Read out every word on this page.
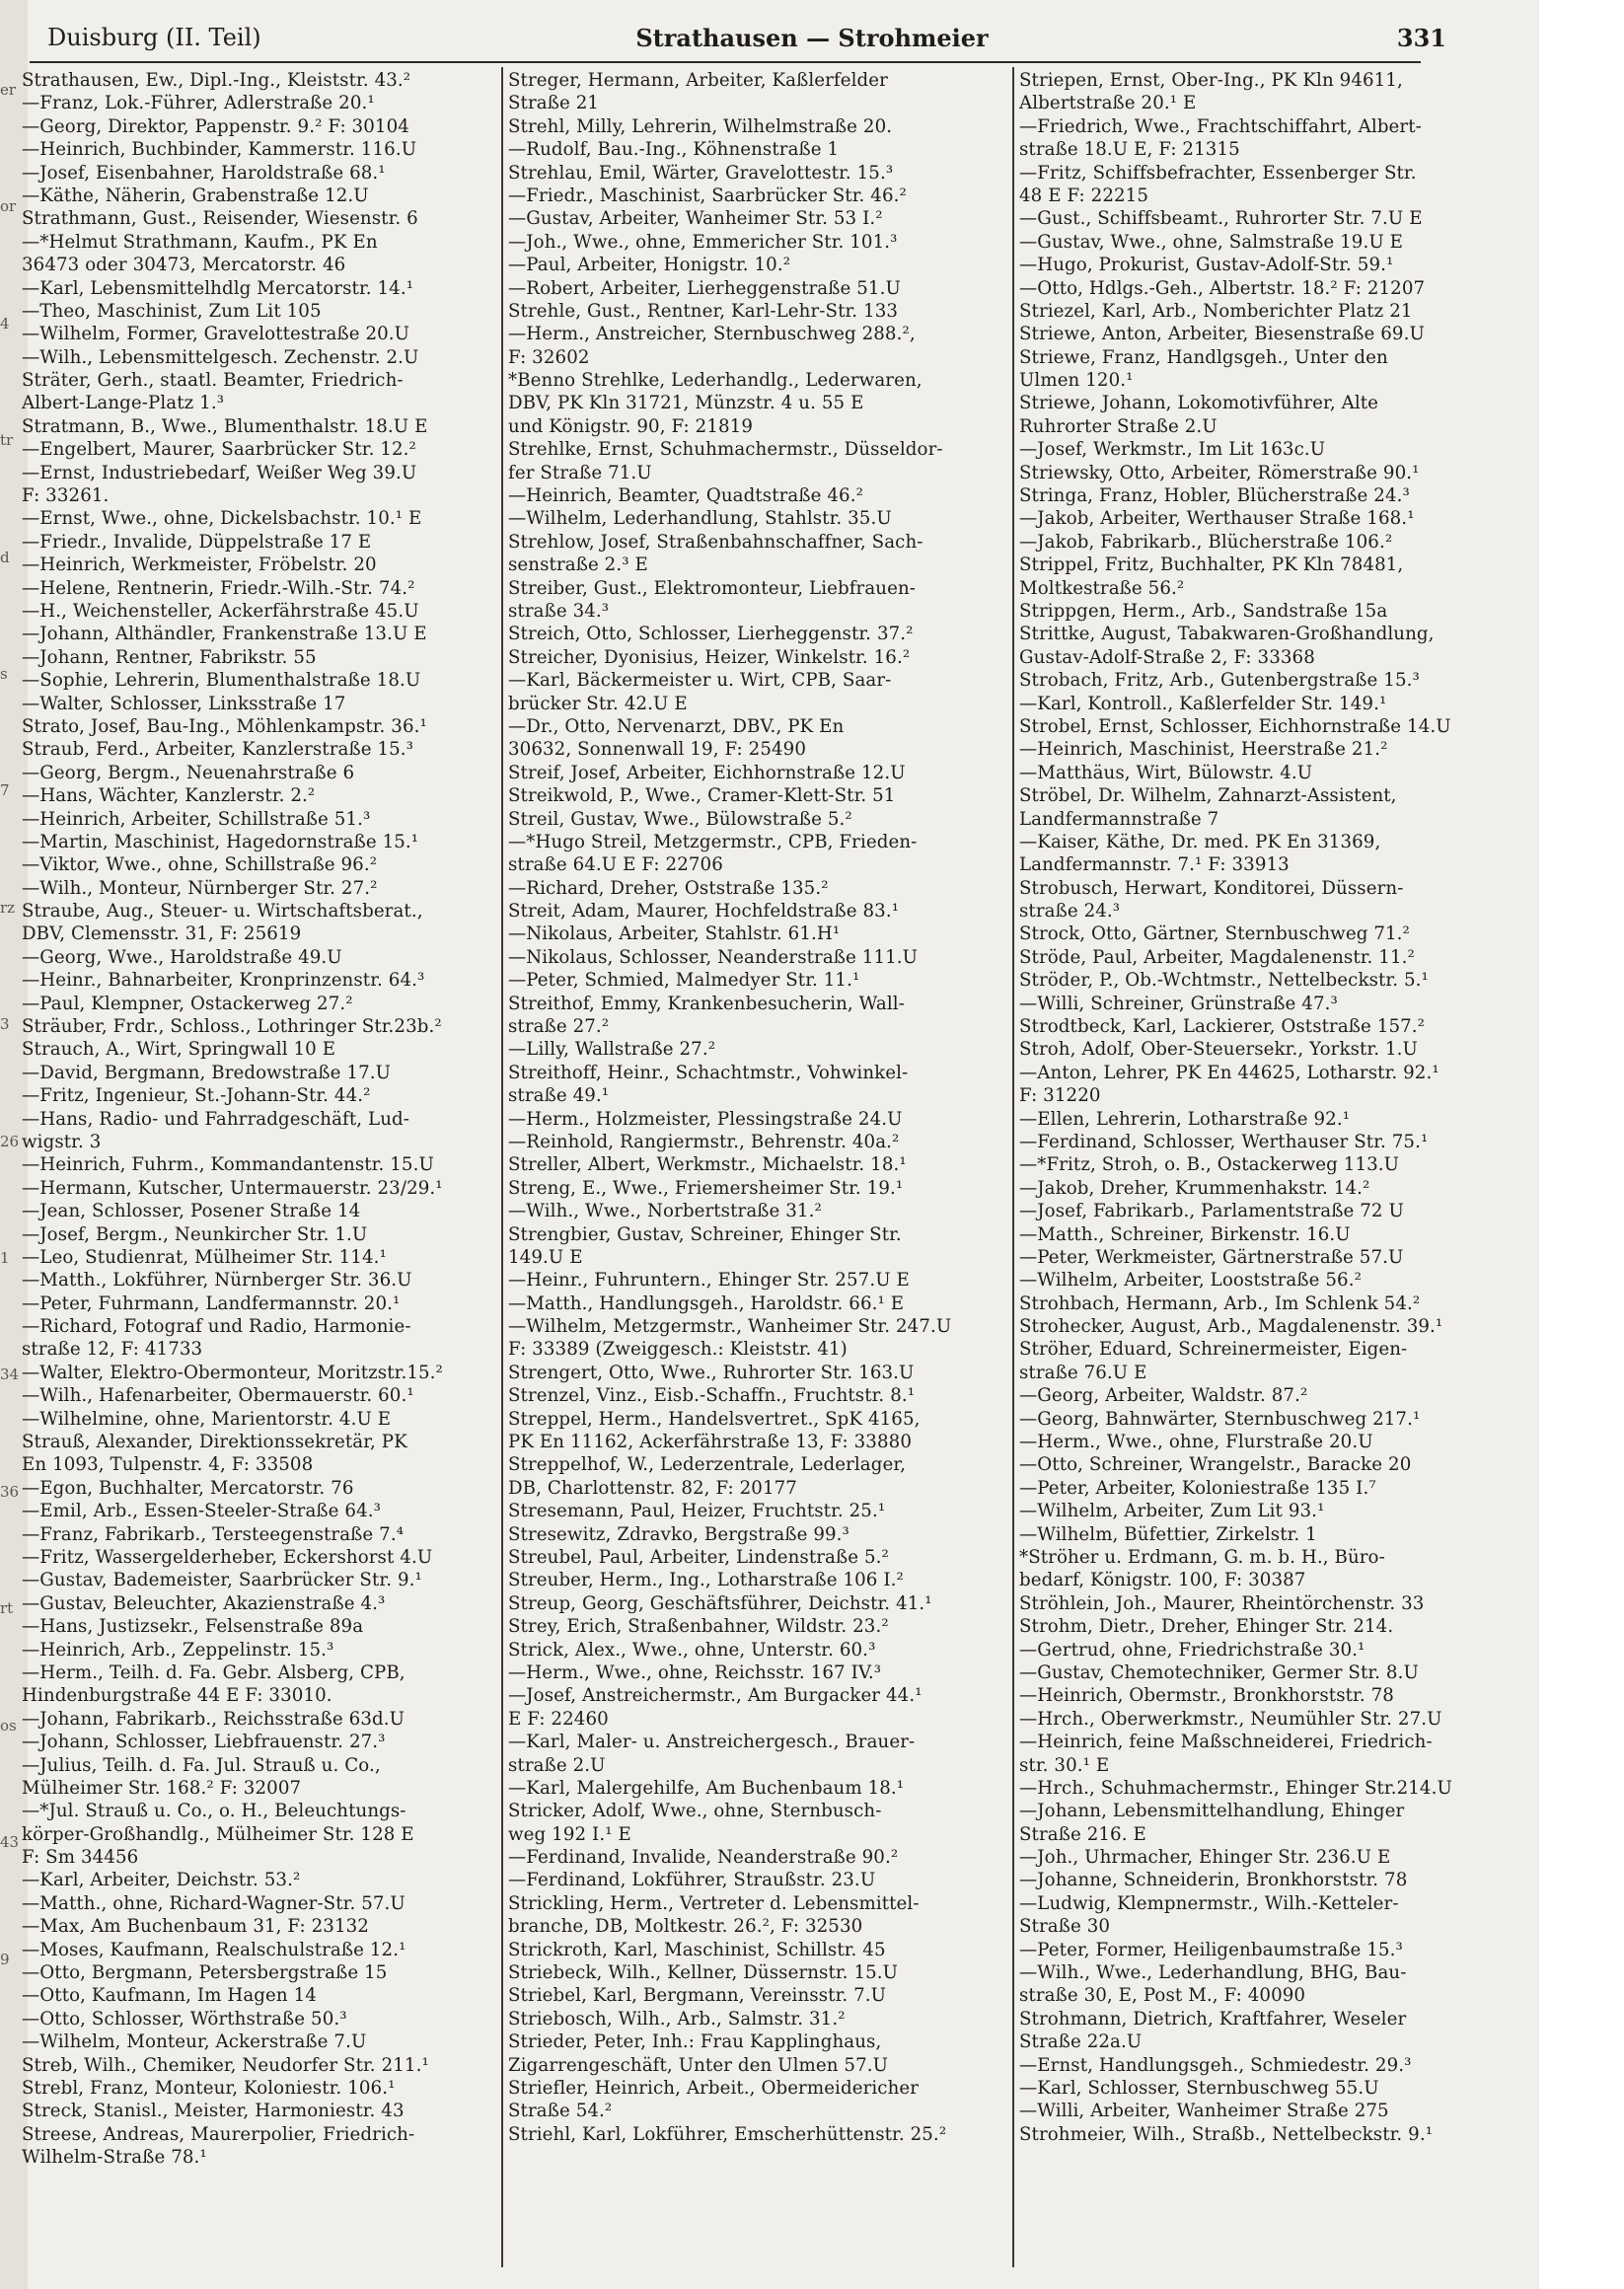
er
or
4
tr
d
s
7
rz
3
26
1
34
36
rt
os
43
9
Duisburg (II. Teil)	Strathausen — Strohmeier	331
Strathausen, Ew., Dipl.-Ing., Kleiststr. 43.²
—Franz, Lok.-Führer, Adlerstraße 20.¹
—Georg, Direktor, Pappenstr. 9.² F: 30104
—Heinrich, Buchbinder, Kammerstr. 116.U
—Josef, Eisenbahner, Haroldstraße 68.¹
—Käthe, Näherin, Grabenstraße 12.U
Strathmann, Gust., Reisender, Wiesenstr. 6
—*Helmut Strathmann, Kaufm., PK En
36473 oder 30473, Mercatorstr. 46
—Karl, Lebensmittelhdlg Mercatorstr. 14.¹
—Theo, Maschinist, Zum Lit 105
—Wilhelm, Former, Gravelottestraße 20.U
—Wilh., Lebensmittelgesch. Zechenstr. 2.U
Sträter, Gerh., staatl. Beamter, Friedrich-
Albert-Lange-Platz 1.³
Stratmann, B., Wwe., Blumenthalstr. 18.U E
—Engelbert, Maurer, Saarbrücker Str. 12.²
—Ernst, Industriebedarf, Weißer Weg 39.U
F: 33261.
—Ernst, Wwe., ohne, Dickelsbachstr. 10.¹ E
—Friedr., Invalide, Düppelstraße 17 E
—Heinrich, Werkmeister, Fröbelstr. 20
—Helene, Rentnerin, Friedr.-Wilh.-Str. 74.²
—H., Weichensteller, Ackerfährstraße 45.U
—Johann, Althändler, Frankenstraße 13.U E
—Johann, Rentner, Fabrikstr. 55
—Sophie, Lehrerin, Blumenthalstraße 18.U
—Walter, Schlosser, Linksstraße 17
Strato, Josef, Bau-Ing., Möhlenkampstr. 36.¹
Straub, Ferd., Arbeiter, Kanzlerstraße 15.³
—Georg, Bergm., Neuenahrstraße 6
—Hans, Wächter, Kanzlerstr. 2.²
—Heinrich, Arbeiter, Schillstraße 51.³
—Martin, Maschinist, Hagedornstraße 15.¹
—Viktor, Wwe., ohne, Schillstraße 96.²
—Wilh., Monteur, Nürnberger Str. 27.²
Straube, Aug., Steuer- u. Wirtschaftsberat.,
DBV, Clemensstr. 31, F: 25619
—Georg, Wwe., Haroldstraße 49.U
—Heinr., Bahnarbeiter, Kronprinzenstr. 64.³
—Paul, Klempner, Ostackerweg 27.²
Sträuber, Frdr., Schloss., Lothringer Str.23b.²
Strauch, A., Wirt, Springwall 10 E
—David, Bergmann, Bredowstraße 17.U
—Fritz, Ingenieur, St.-Johann-Str. 44.²
—Hans, Radio- und Fahrradgeschäft, Lud-
wigstr. 3
—Heinrich, Fuhrm., Kommandantenstr. 15.U
—Hermann, Kutscher, Untermauerstr. 23/29.¹
—Jean, Schlosser, Posener Straße 14
—Josef, Bergm., Neunkircher Str. 1.U
—Leo, Studienrat, Mülheimer Str. 114.¹
—Matth., Lokführer, Nürnberger Str. 36.U
—Peter, Fuhrmann, Landfermannstr. 20.¹
—Richard, Fotograf und Radio, Harmonie-
straße 12, F: 41733
—Walter, Elektro-Obermonteur, Moritzstr.15.²
—Wilh., Hafenarbeiter, Obermauerstr. 60.¹
—Wilhelmine, ohne, Marientorstr. 4.U E
Strauß, Alexander, Direktionssekretär, PK
En 1093, Tulpenstr. 4, F: 33508
—Egon, Buchhalter, Mercatorstr. 76
—Emil, Arb., Essen-Steeler-Straße 64.³
—Franz, Fabrikarb., Tersteegenstraße 7.⁴
—Fritz, Wassergelderheber, Eckershorst 4.U
—Gustav, Bademeister, Saarbrücker Str. 9.¹
—Gustav, Beleuchter, Akazienstraße 4.³
—Hans, Justizsekr., Felsenstraße 89a
—Heinrich, Arb., Zeppelinstr. 15.³
—Herm., Teilh. d. Fa. Gebr. Alsberg, CPB,
Hindenburgstraße 44 E F: 33010.
—Johann, Fabrikarb., Reichsstraße 63d.U
—Johann, Schlosser, Liebfrauenstr. 27.³
—Julius, Teilh. d. Fa. Jul. Strauß u. Co.,
Mülheimer Str. 168.² F: 32007
—*Jul. Strauß u. Co., o. H., Beleuchtungs-
körper-Großhandlg., Mülheimer Str. 128 E
F: Sm 34456
—Karl, Arbeiter, Deichstr. 53.²
—Matth., ohne, Richard-Wagner-Str. 57.U
—Max, Am Buchenbaum 31, F: 23132
—Moses, Kaufmann, Realschulstraße 12.¹
—Otto, Bergmann, Petersbergstraße 15
—Otto, Kaufmann, Im Hagen 14
—Otto, Schlosser, Wörthstraße 50.³
—Wilhelm, Monteur, Ackerstraße 7.U
Streb, Wilh., Chemiker, Neudorfer Str. 211.¹
Strebl, Franz, Monteur, Koloniestr. 106.¹
Streck, Stanisl., Meister, Harmoniestr. 43
Streese, Andreas, Maurerpolier, Friedrich-
Wilhelm-Straße 78.¹
Streger, Hermann, Arbeiter, Kaßlerfelder
Straße 21
Strehl, Milly, Lehrerin, Wilhelmstraße 20.
—Rudolf, Bau.-Ing., Köhnenstraße 1
Strehlau, Emil, Wärter, Gravelottestr. 15.³
—Friedr., Maschinist, Saarbrücker Str. 46.²
—Gustav, Arbeiter, Wanheimer Str. 53 I.²
—Joh., Wwe., ohne, Emmericher Str. 101.³
—Paul, Arbeiter, Honigstr. 10.²
—Robert, Arbeiter, Lierheggenstraße 51.U
Strehle, Gust., Rentner, Karl-Lehr-Str. 133
—Herm., Anstreicher, Sternbuschweg 288.²,
F: 32602
*Benno Strehlke, Lederhandlg., Lederwaren,
DBV, PK Kln 31721, Münzstr. 4 u. 55 E
und Königstr. 90, F: 21819
Strehlke, Ernst, Schuhmachermstr., Düsseldor-
fer Straße 71.U
—Heinrich, Beamter, Quadtstraße 46.²
—Wilhelm, Lederhandlung, Stahlstr. 35.U
Strehlow, Josef, Straßenbahnschaffner, Sach-
senstraße 2.³ E
Streiber, Gust., Elektromonteur, Liebfrauen-
straße 34.³
Streich, Otto, Schlosser, Lierheggenstr. 37.²
Streicher, Dyonisius, Heizer, Winkelstr. 16.²
—Karl, Bäckermeister u. Wirt, CPB, Saar-
brücker Str. 42.U E
—Dr., Otto, Nervenarzt, DBV., PK En
30632, Sonnenwall 19, F: 25490
Streif, Josef, Arbeiter, Eichhornstraße 12.U
Streikwold, P., Wwe., Cramer-Klett-Str. 51
Streil, Gustav, Wwe., Bülowstraße 5.²
—*Hugo Streil, Metzgermstr., CPB, Frieden-
straße 64.U E F: 22706
—Richard, Dreher, Oststraße 135.²
Streit, Adam, Maurer, Hochfeldstraße 83.¹
—Nikolaus, Arbeiter, Stahlstr. 61.H¹
—Nikolaus, Schlosser, Neanderstraße 111.U
—Peter, Schmied, Malmedyer Str. 11.¹
Streithof, Emmy, Krankenbesucherin, Wall-
straße 27.²
—Lilly, Wallstraße 27.²
Streithoff, Heinr., Schachtmstr., Vohwinkel-
straße 49.¹
—Herm., Holzmeister, Plessingstraße 24.U
—Reinhold, Rangiermstr., Behrenstr. 40a.²
Streller, Albert, Werkmstr., Michaelstr. 18.¹
Streng, E., Wwe., Friemersheimer Str. 19.¹
—Wilh., Wwe., Norbertstraße 31.²
Strengbier, Gustav, Schreiner, Ehinger Str.
149.U E
—Heinr., Fuhruntern., Ehinger Str. 257.U E
—Matth., Handlungsgeh., Haroldstr. 66.¹ E
—Wilhelm, Metzgermstr., Wanheimer Str. 247.U
F: 33389 (Zweiggesch.: Kleiststr. 41)
Strengert, Otto, Wwe., Ruhrorter Str. 163.U
Strenzel, Vinz., Eisb.-Schaffn., Fruchtstr. 8.¹
Streppel, Herm., Handelsvertret., SpK 4165,
PK En 11162, Ackerfährstraße 13, F: 33880
Streppelhof, W., Lederzentrale, Lederlager,
DB, Charlottenstr. 82, F: 20177
Stresemann, Paul, Heizer, Fruchtstr. 25.¹
Stresewitz, Zdravko, Bergstraße 99.³
Streubel, Paul, Arbeiter, Lindenstraße 5.²
Streuber, Herm., Ing., Lotharstraße 106 I.²
Streup, Georg, Geschäftsführer, Deichstr. 41.¹
Strey, Erich, Straßenbahner, Wildstr. 23.²
Strick, Alex., Wwe., ohne, Unterstr. 60.³
—Herm., Wwe., ohne, Reichsstr. 167 IV.³
—Josef, Anstreichermstr., Am Burgacker 44.¹
E F: 22460
—Karl, Maler- u. Anstreichergesch., Brauer-
straße 2.U
—Karl, Malergehilfe, Am Buchenbaum 18.¹
Stricker, Adolf, Wwe., ohne, Sternbusch-
weg 192 I.¹ E
—Ferdinand, Invalide, Neanderstraße 90.²
—Ferdinand, Lokführer, Straußstr. 23.U
Strickling, Herm., Vertreter d. Lebensmittel-
branche, DB, Moltkestr. 26.², F: 32530
Strickroth, Karl, Maschinist, Schillstr. 45
Striebeck, Wilh., Kellner, Düssernstr. 15.U
Striebel, Karl, Bergmann, Vereinsstr. 7.U
Striebosch, Wilh., Arb., Salmstr. 31.²
Strieder, Peter, Inh.: Frau Kapplinghaus,
Zigarrengeschäft, Unter den Ulmen 57.U
Striefler, Heinrich, Arbeit., Obermeidericher
Straße 54.²
Striehl, Karl, Lokführer, Emscherhüttenstr. 25.²
Striepen, Ernst, Ober-Ing., PK Kln 94611,
Albertstraße 20.¹ E
—Friedrich, Wwe., Frachtschiffahrt, Albert-
straße 18.U E, F: 21315
—Fritz, Schiffsbefrachter, Essenberger Str.
48 E F: 22215
—Gust., Schiffsbeamt., Ruhrorter Str. 7.U E
—Gustav, Wwe., ohne, Salmstraße 19.U E
—Hugo, Prokurist, Gustav-Adolf-Str. 59.¹
—Otto, Hdlgs.-Geh., Albertstr. 18.² F: 21207
Striezel, Karl, Arb., Nomberichter Platz 21
Striewe, Anton, Arbeiter, Biesenstraße 69.U
Striewe, Franz, Handlgsgeh., Unter den
Ulmen 120.¹
Striewe, Johann, Lokomotivführer, Alte
Ruhrorter Straße 2.U
—Josef, Werkmstr., Im Lit 163c.U
Striewsky, Otto, Arbeiter, Römerstraße 90.¹
Stringa, Franz, Hobler, Blücherstraße 24.³
—Jakob, Arbeiter, Werthauser Straße 168.¹
—Jakob, Fabrikarb., Blücherstraße 106.²
Strippel, Fritz, Buchhalter, PK Kln 78481,
Moltkestraße 56.²
Strippgen, Herm., Arb., Sandstraße 15a
Strittke, August, Tabakwaren-Großhandlung,
Gustav-Adolf-Straße 2, F: 33368
Strobach, Fritz, Arb., Gutenbergstraße 15.³
—Karl, Kontroll., Kaßlerfelder Str. 149.¹
Strobel, Ernst, Schlosser, Eichhornstraße 14.U
—Heinrich, Maschinist, Heerstraße 21.²
—Matthäus, Wirt, Bülowstr. 4.U
Ströbel, Dr. Wilhelm, Zahnarzt-Assistent,
Landfermannstraße 7
—Kaiser, Käthe, Dr. med. PK En 31369,
Landfermannstr. 7.¹ F: 33913
Strobusch, Herwart, Konditorei, Düssern-
straße 24.³
Strock, Otto, Gärtner, Sternbuschweg 71.²
Ströde, Paul, Arbeiter, Magdalenenstr. 11.²
Ströder, P., Ob.-Wchtmstr., Nettelbeckstr. 5.¹
—Willi, Schreiner, Grünstraße 47.³
Strodtbeck, Karl, Lackierer, Oststraße 157.²
Stroh, Adolf, Ober-Steuersekr., Yorkstr. 1.U
—Anton, Lehrer, PK En 44625, Lotharstr. 92.¹
F: 31220
—Ellen, Lehrerin, Lotharstraße 92.¹
—Ferdinand, Schlosser, Werthauser Str. 75.¹
—*Fritz, Stroh, o. B., Ostackerweg 113.U
—Jakob, Dreher, Krummenhakstr. 14.²
—Josef, Fabrikarb., Parlamentstraße 72 U
—Matth., Schreiner, Birkenstr. 16.U
—Peter, Werkmeister, Gärtnerstraße 57.U
—Wilhelm, Arbeiter, Looststraße 56.²
Strohbach, Hermann, Arb., Im Schlenk 54.²
Strohecker, August, Arb., Magdalenenstr. 39.¹
Ströher, Eduard, Schreinermeister, Eigen-
straße 76.U E
—Georg, Arbeiter, Waldstr. 87.²
—Georg, Bahnwärter, Sternbuschweg 217.¹
—Herm., Wwe., ohne, Flurstraße 20.U
—Otto, Schreiner, Wrangelstr., Baracke 20
—Peter, Arbeiter, Koloniestraße 135 I.⁷
—Wilhelm, Arbeiter, Zum Lit 93.¹
—Wilhelm, Büfettier, Zirkelstr. 1
*Ströher u. Erdmann, G. m. b. H., Büro-
bedarf, Königstr. 100, F: 30387
Ströhlein, Joh., Maurer, Rheintörchenstr. 33
Strohm, Dietr., Dreher, Ehinger Str. 214.
—Gertrud, ohne, Friedrichstraße 30.¹
—Gustav, Chemotechniker, Germer Str. 8.U
—Heinrich, Obermstr., Bronkhorststr. 78
—Hrch., Oberwerkmstr., Neumühler Str. 27.U
—Heinrich, feine Maßschneiderei, Friedrich-
str. 30.¹ E
—Hrch., Schuhmachermstr., Ehinger Str.214.U
—Johann, Lebensmittelhandlung, Ehinger
Straße 216. E
—Joh., Uhrmacher, Ehinger Str. 236.U E
—Johanne, Schneiderin, Bronkhorststr. 78
—Ludwig, Klempnermstr., Wilh.-Ketteler-
Straße 30
—Peter, Former, Heiligenbaumstraße 15.³
—Wilh., Wwe., Lederhandlung, BHG, Bau-
straße 30, E, Post M., F: 40090
Strohmann, Dietrich, Kraftfahrer, Weseler
Straße 22a.U
—Ernst, Handlungsgeh., Schmiedestr. 29.³
—Karl, Schlosser, Sternbuschweg 55.U
—Willi, Arbeiter, Wanheimer Straße 275
Strohmeier, Wilh., Straßb., Nettelbeckstr. 9.¹
